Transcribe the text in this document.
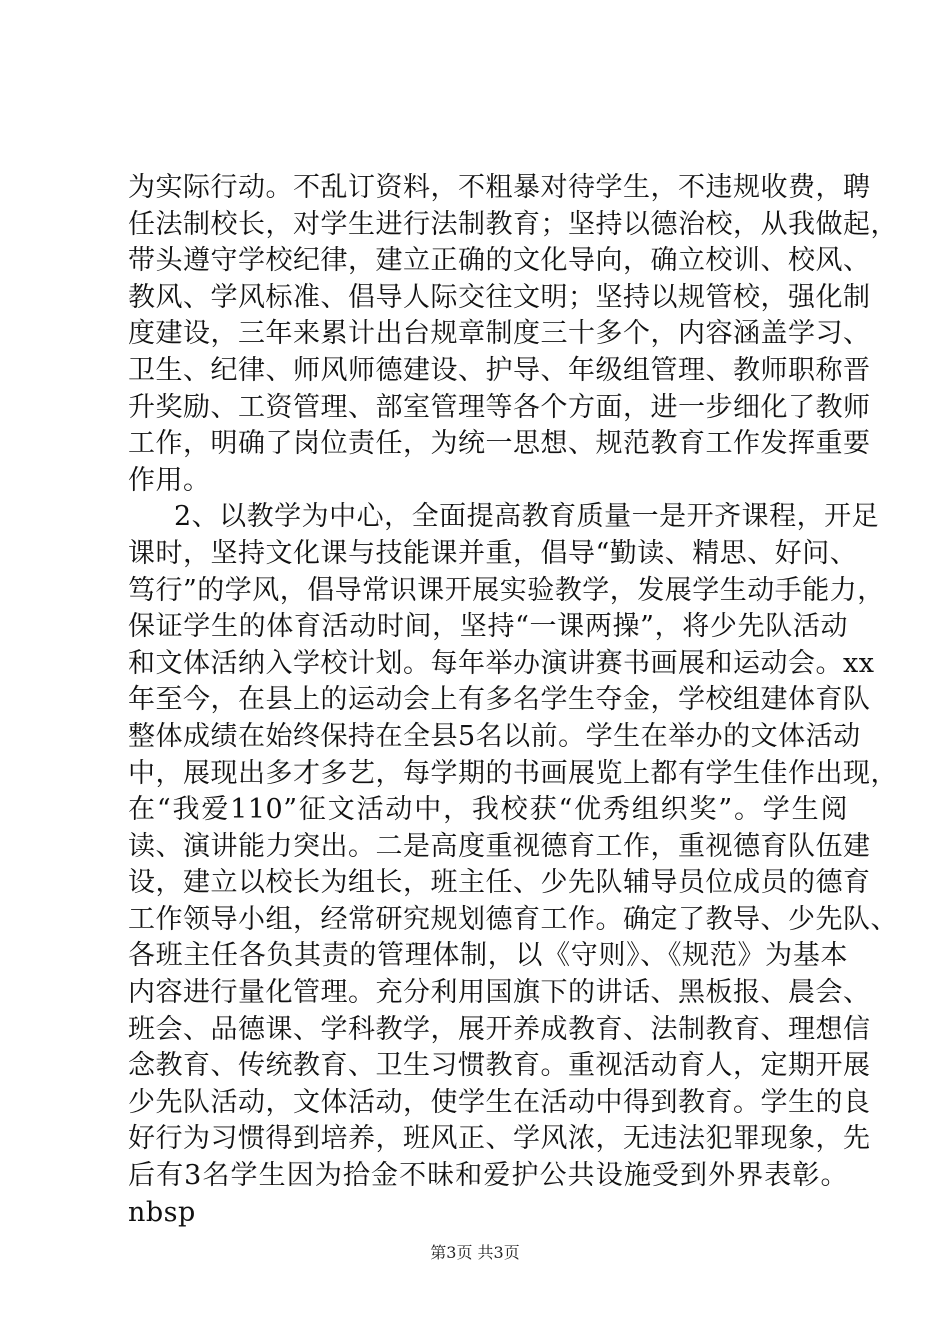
为实际行动。不乱订资料，不粗暴对待学生，不违规收费，聘
任法制校长，对学生进行法制教育；坚持以德治校，从我做起，
带头遵守学校纪律，建立正确的文化导向，确立校训、校风、
教风、学风标准、倡导人际交往文明；坚持以规管校，强化制
度建设，三年来累计出台规章制度三十多个，内容涵盖学习、
卫生、纪律、师风师德建设、护导、年级组管理、教师职称晋
升奖励、工资管理、部室管理等各个方面，进一步细化了教师
工作，明确了岗位责任，为统一思想、规范教育工作发挥重要
作用。
2、以教学为中心，全面提高教育质量一是开齐课程，开足
课时，坚持文化课与技能课并重，倡导“勤读、精思、好问、
笃行”的学风，倡导常识课开展实验教学，发展学生动手能力，
保证学生的体育活动时间，坚持“一课两操”，将少先队活动
和文体活纳入学校计划。每年举办演讲赛书画展和运动会。xx
年至今，在县上的运动会上有多名学生夺金，学校组建体育队
整体成绩在始终保持在全县5名以前。学生在举办的文体活动
中，展现出多才多艺，每学期的书画展览上都有学生佳作出现，
在“我爱110”征文活动中，我校获“优秀组织奖”。学生阅
读、演讲能力突出。二是高度重视德育工作，重视德育队伍建
设，建立以校长为组长，班主任、少先队辅导员位成员的德育
工作领导小组，经常研究规划德育工作。确定了教导、少先队、
各班主任各负其责的管理体制，以《守则》、《规范》为基本
内容进行量化管理。充分利用国旗下的讲话、黑板报、晨会、
班会、品德课、学科教学，展开养成教育、法制教育、理想信
念教育、传统教育、卫生习惯教育。重视活动育人，定期开展
少先队活动，文体活动，使学生在活动中得到教育。学生的良
好行为习惯得到培养，班风正、学风浓，无违法犯罪现象，先
后有3名学生因为拾金不昧和爱护公共设施受到外界表彰。
nbsp
第3页 共3页
